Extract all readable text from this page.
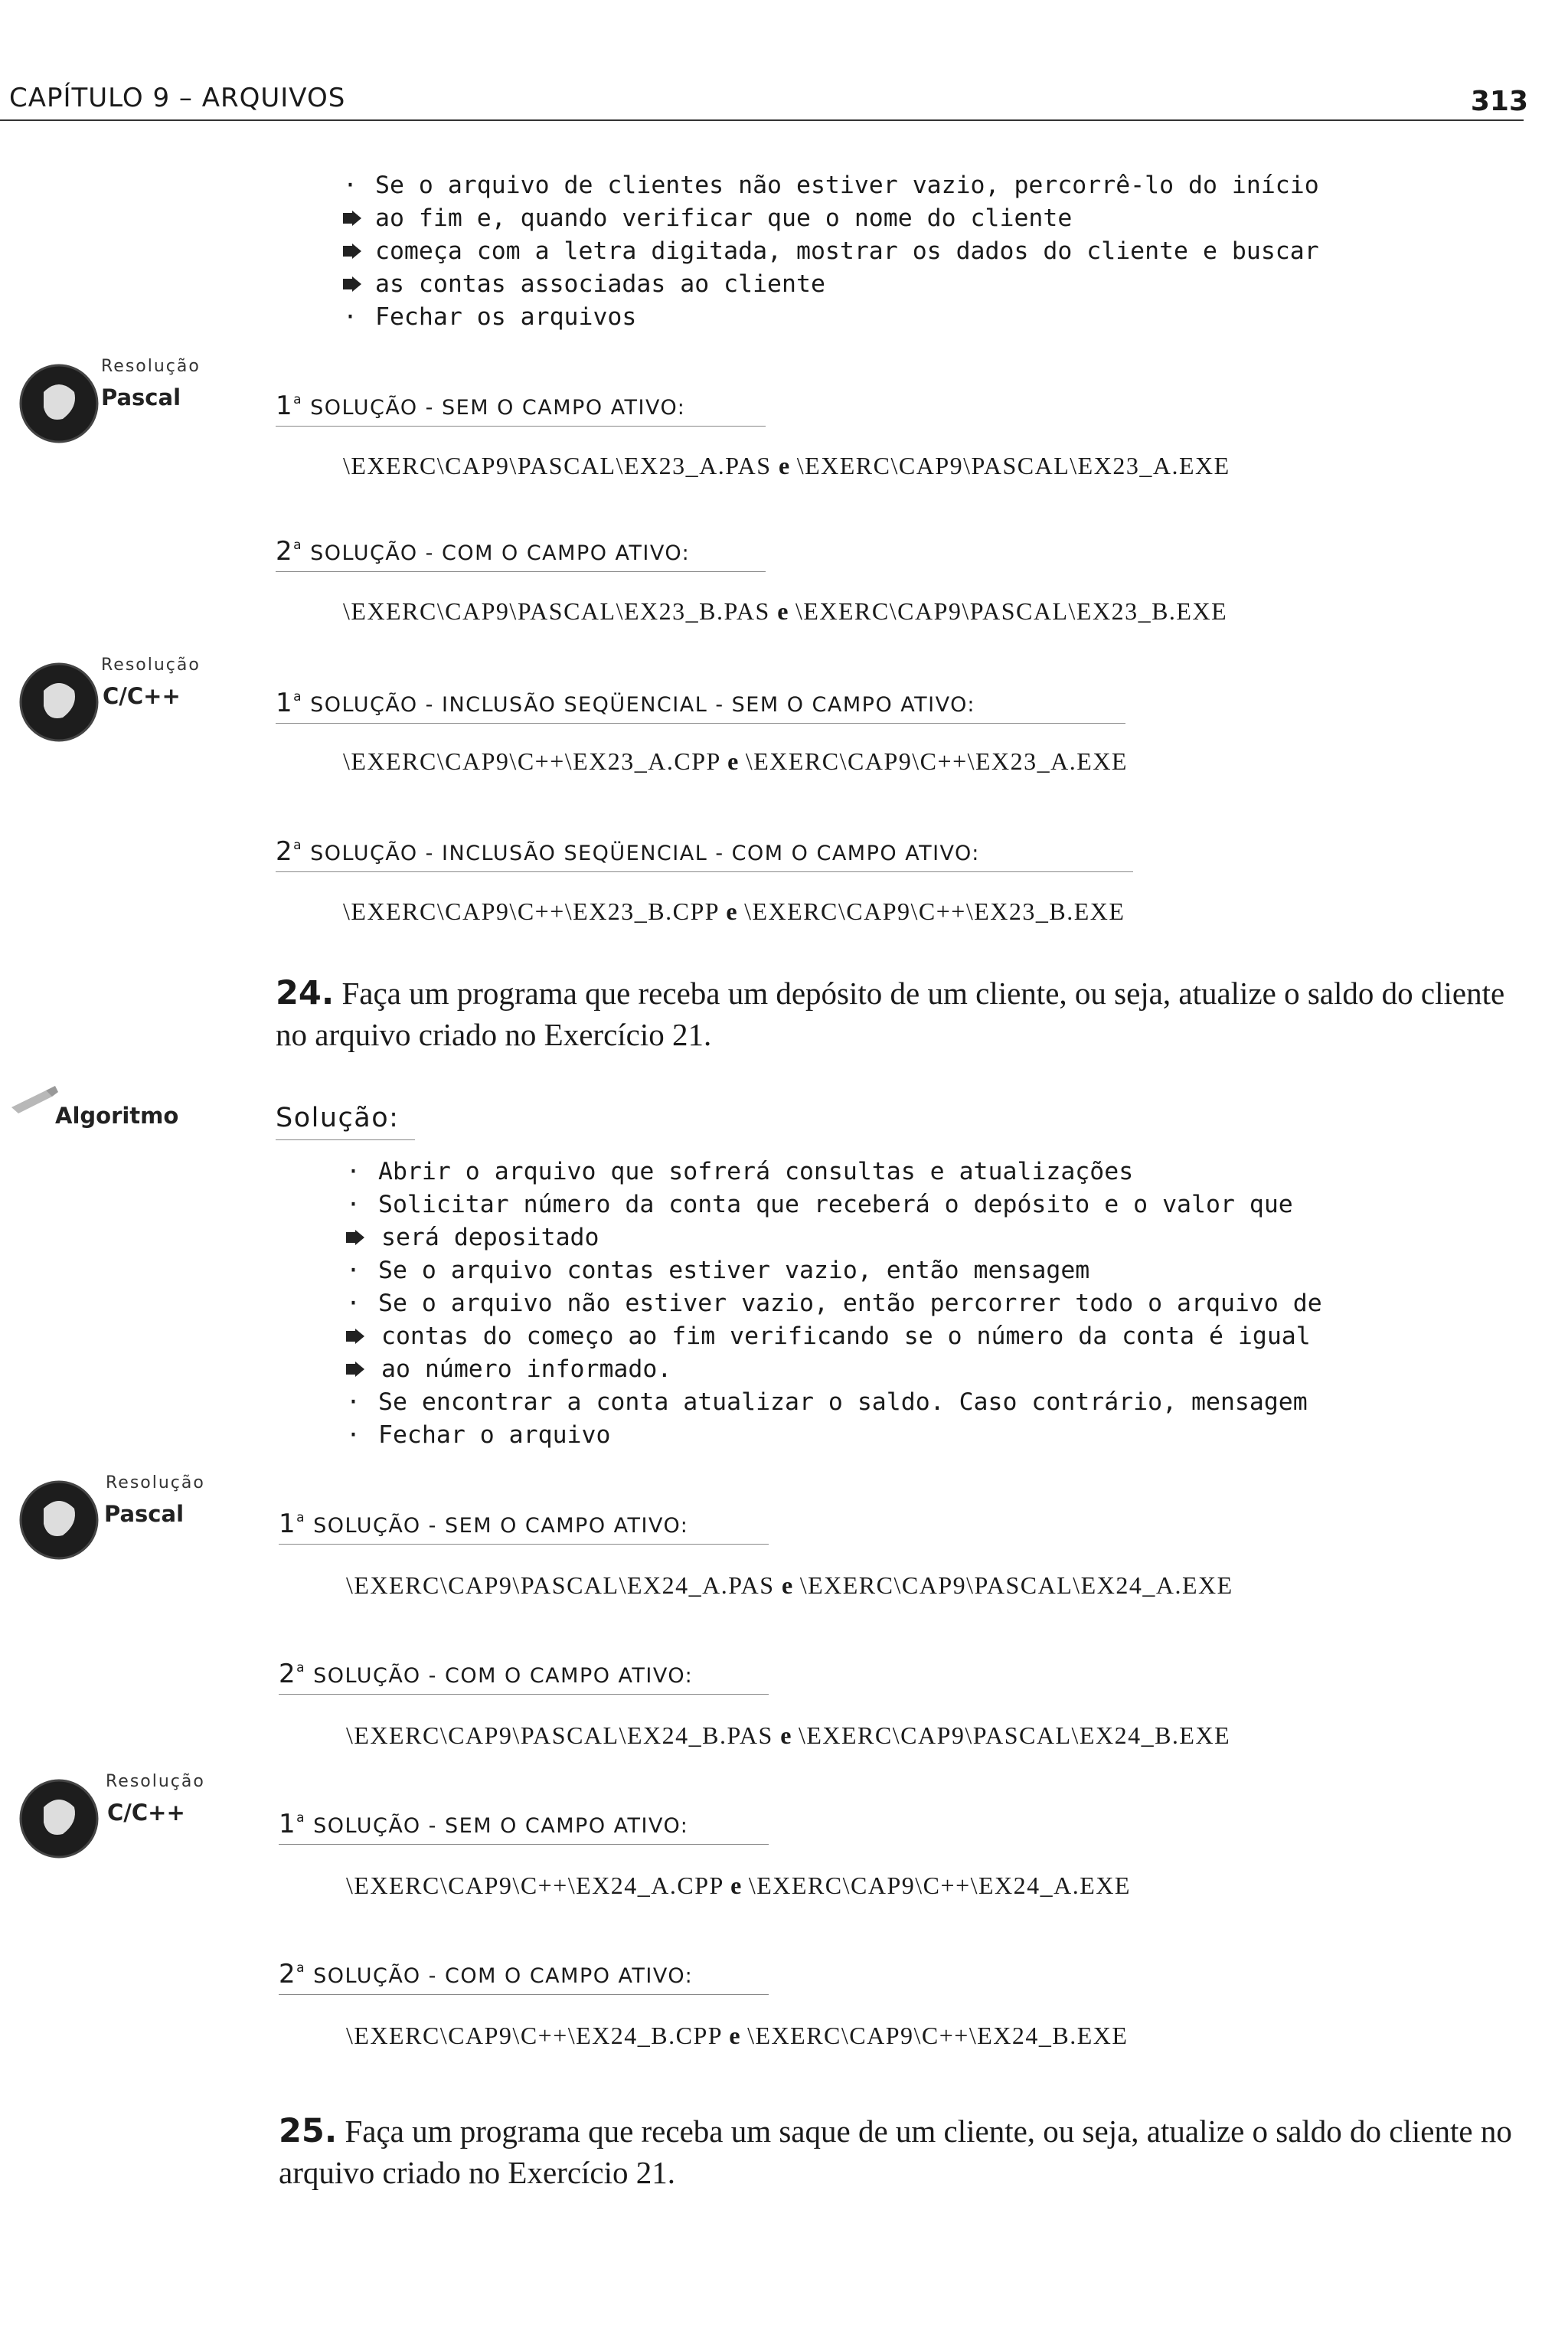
CAPÍTULO 9 – ARQUIVOS	313
· Se o arquivo de clientes não estiver vazio, percorrê-lo do início
ao fim e, quando verificar que o nome do cliente
começa com a letra digitada, mostrar os dados do cliente e buscar
as contas associadas ao cliente
· Fechar os arquivos
Resolução
Pascal	1$^a$ SOLUÇÃO - SEM O CAMPO ATIVO:
\EXERC\CAP9\PASCAL\EX23_A.PAS e \EXERC\CAP9\PASCAL\EX23_A.EXE
2$^a$ SOLUÇÃO - COM O CAMPO ATIVO:
\EXERC\CAP9\PASCAL\EX23_B.PAS e \EXERC\CAP9\PASCAL\EX23_B.EXE
Resolução
C/C++	$1^a$ SOLUÇÃO - INCLUSÃO SEQÜENCIAL - SEM O CAMPO ATIVO:
\EXERC\CAP9\C++\EX23_A.CPP e \EXERC\CAP9\C++\EX23_A.EXE
2$^a$ SOLUÇÃO - INCLUSÃO SEQÜENCIAL - COM O CAMPO ATIVO:
\EXERC\CAP9\C++\EX23_B.CPP e \EXERC\CAP9\C++\EX23_B.EXE
24. Faça um programa que receba um depósito de um cliente, ou seja, atualize o saldo do cliente no arquivo criado no Exercício 21.
Algoritmo	Solução:
· Abrir o arquivo que sofrerá consultas e atualizações
· Solicitar número da conta que receberá o depósito e o valor que
será depositado
· Se o arquivo contas estiver vazio, então mensagem
· Se o arquivo não estiver vazio, então percorrer todo o arquivo de
contas do começo ao fim verificando se o número da conta é igual
ao número informado.
· Se encontrar a conta atualizar o saldo. Caso contrário, mensagem
· Fechar o arquivo
Resolução
Pascal	1$^a$ SOLUÇÃO - SEM O CAMPO ATIVO:
\EXERC\CAP9\PASCAL\EX24_A.PAS e \EXERC\CAP9\PASCAL\EX24_A.EXE
2$^a$ SOLUÇÃO - COM O CAMPO ATIVO:
\EXERC\CAP9\PASCAL\EX24_B.PAS e \EXERC\CAP9\PASCAL\EX24_B.EXE
Resolução
C/C++	$1^a$ SOLUÇÃO - SEM O CAMPO ATIVO:
\EXERC\CAP9\C++\EX24_A.CPP e \EXERC\CAP9\C++\EX24_A.EXE
2$^a$ SOLUÇÃO - COM O CAMPO ATIVO:
\EXERC\CAP9\C++\EX24_B.CPP e \EXERC\CAP9\C++\EX24_B.EXE
25. Faça um programa que receba um saque de um cliente, ou seja, atualize o saldo do cliente no arquivo criado no Exercício 21.
